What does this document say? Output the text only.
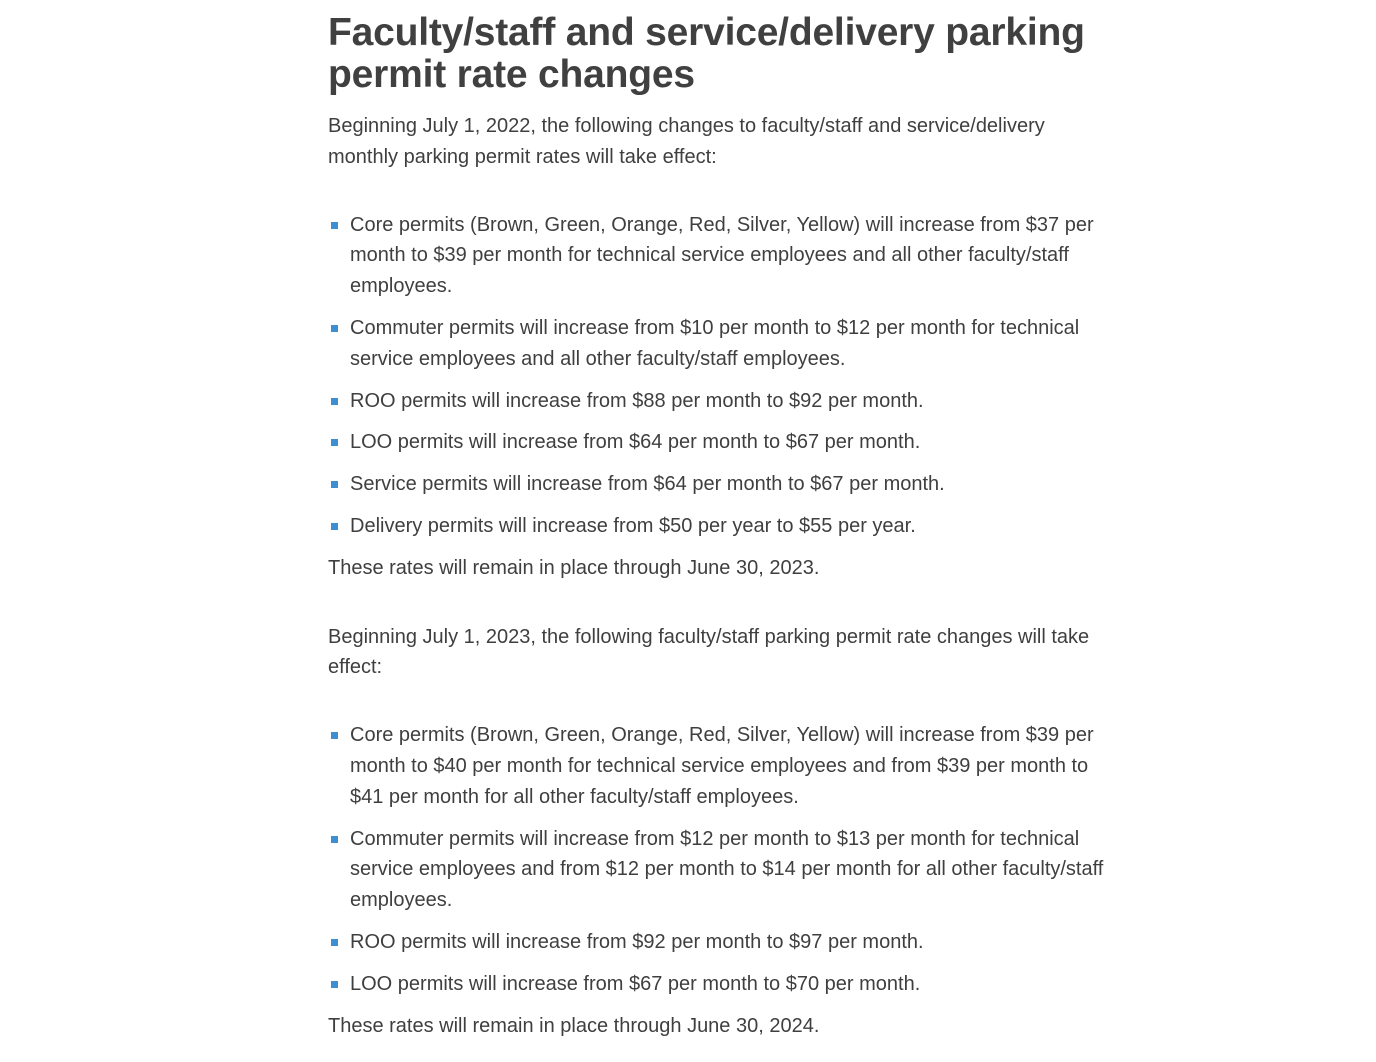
Faculty/staff and service/delivery parking permit rate changes

Beginning July 1, 2022, the following changes to faculty/staff and service/delivery monthly parking permit rates will take effect:

Core permits (Brown, Green, Orange, Red, Silver, Yellow) will increase from $37 per month to $39 per month for technical service employees and all other faculty/staff employees.
Commuter permits will increase from $10 per month to $12 per month for technical service employees and all other faculty/staff employees.
ROO permits will increase from $88 per month to $92 per month.
LOO permits will increase from $64 per month to $67 per month.
Service permits will increase from $64 per month to $67 per month.
Delivery permits will increase from $50 per year to $55 per year.

These rates will remain in place through June 30, 2023.

Beginning July 1, 2023, the following faculty/staff parking permit rate changes will take effect:

Core permits (Brown, Green, Orange, Red, Silver, Yellow) will increase from $39 per month to $40 per month for technical service employees and from $39 per month to $41 per month for all other faculty/staff employees.
Commuter permits will increase from $12 per month to $13 per month for technical service employees and from $12 per month to $14 per month for all other faculty/staff employees.
ROO permits will increase from $92 per month to $97 per month.
LOO permits will increase from $67 per month to $70 per month.

These rates will remain in place through June 30, 2024.
